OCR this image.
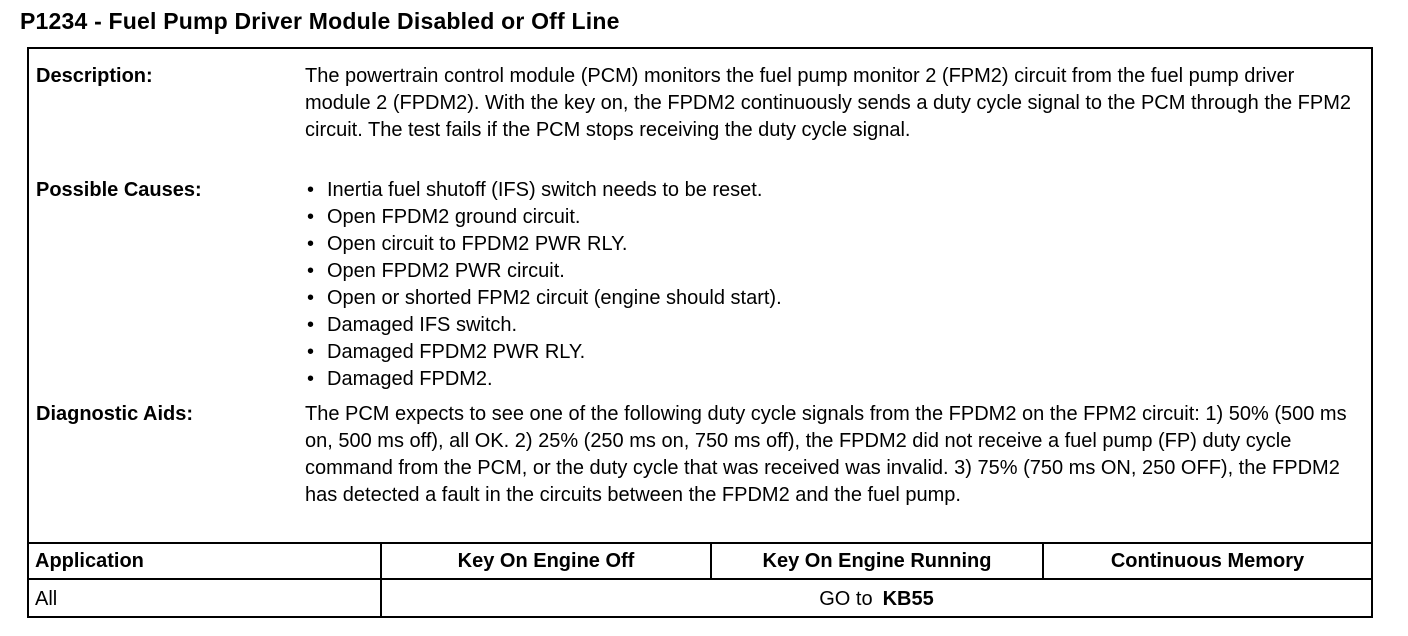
P1234 - Fuel Pump Driver Module Disabled or Off Line
Description:	The powertrain control module (PCM) monitors the fuel pump monitor 2 (FPM2) circuit from the fuel pump driver module 2 (FPDM2). With the key on, the FPDM2 continuously sends a duty cycle signal to the PCM through the FPM2 circuit. The test fails if the PCM stops receiving the duty cycle signal.
Possible Causes:	• Inertia fuel shutoff (IFS) switch needs to be reset.
• Open FPDM2 ground circuit.
• Open circuit to FPDM2 PWR RLY.
• Open FPDM2 PWR circuit.
• Open or shorted FPM2 circuit (engine should start).
• Damaged IFS switch.
• Damaged FPDM2 PWR RLY.
• Damaged FPDM2.
Diagnostic Aids:	The PCM expects to see one of the following duty cycle signals from the FPDM2 on the FPM2 circuit: 1) 50% (500 ms on, 500 ms off), all OK. 2) 25% (250 ms on, 750 ms off), the FPDM2 did not receive a fuel pump (FP) duty cycle command from the PCM, or the duty cycle that was received was invalid. 3) 75% (750 ms ON, 250 OFF), the FPDM2 has detected a fault in the circuits between the FPDM2 and the fuel pump.
Application	Key On Engine Off	Key On Engine Running	Continuous Memory
All	GO to KB55		
